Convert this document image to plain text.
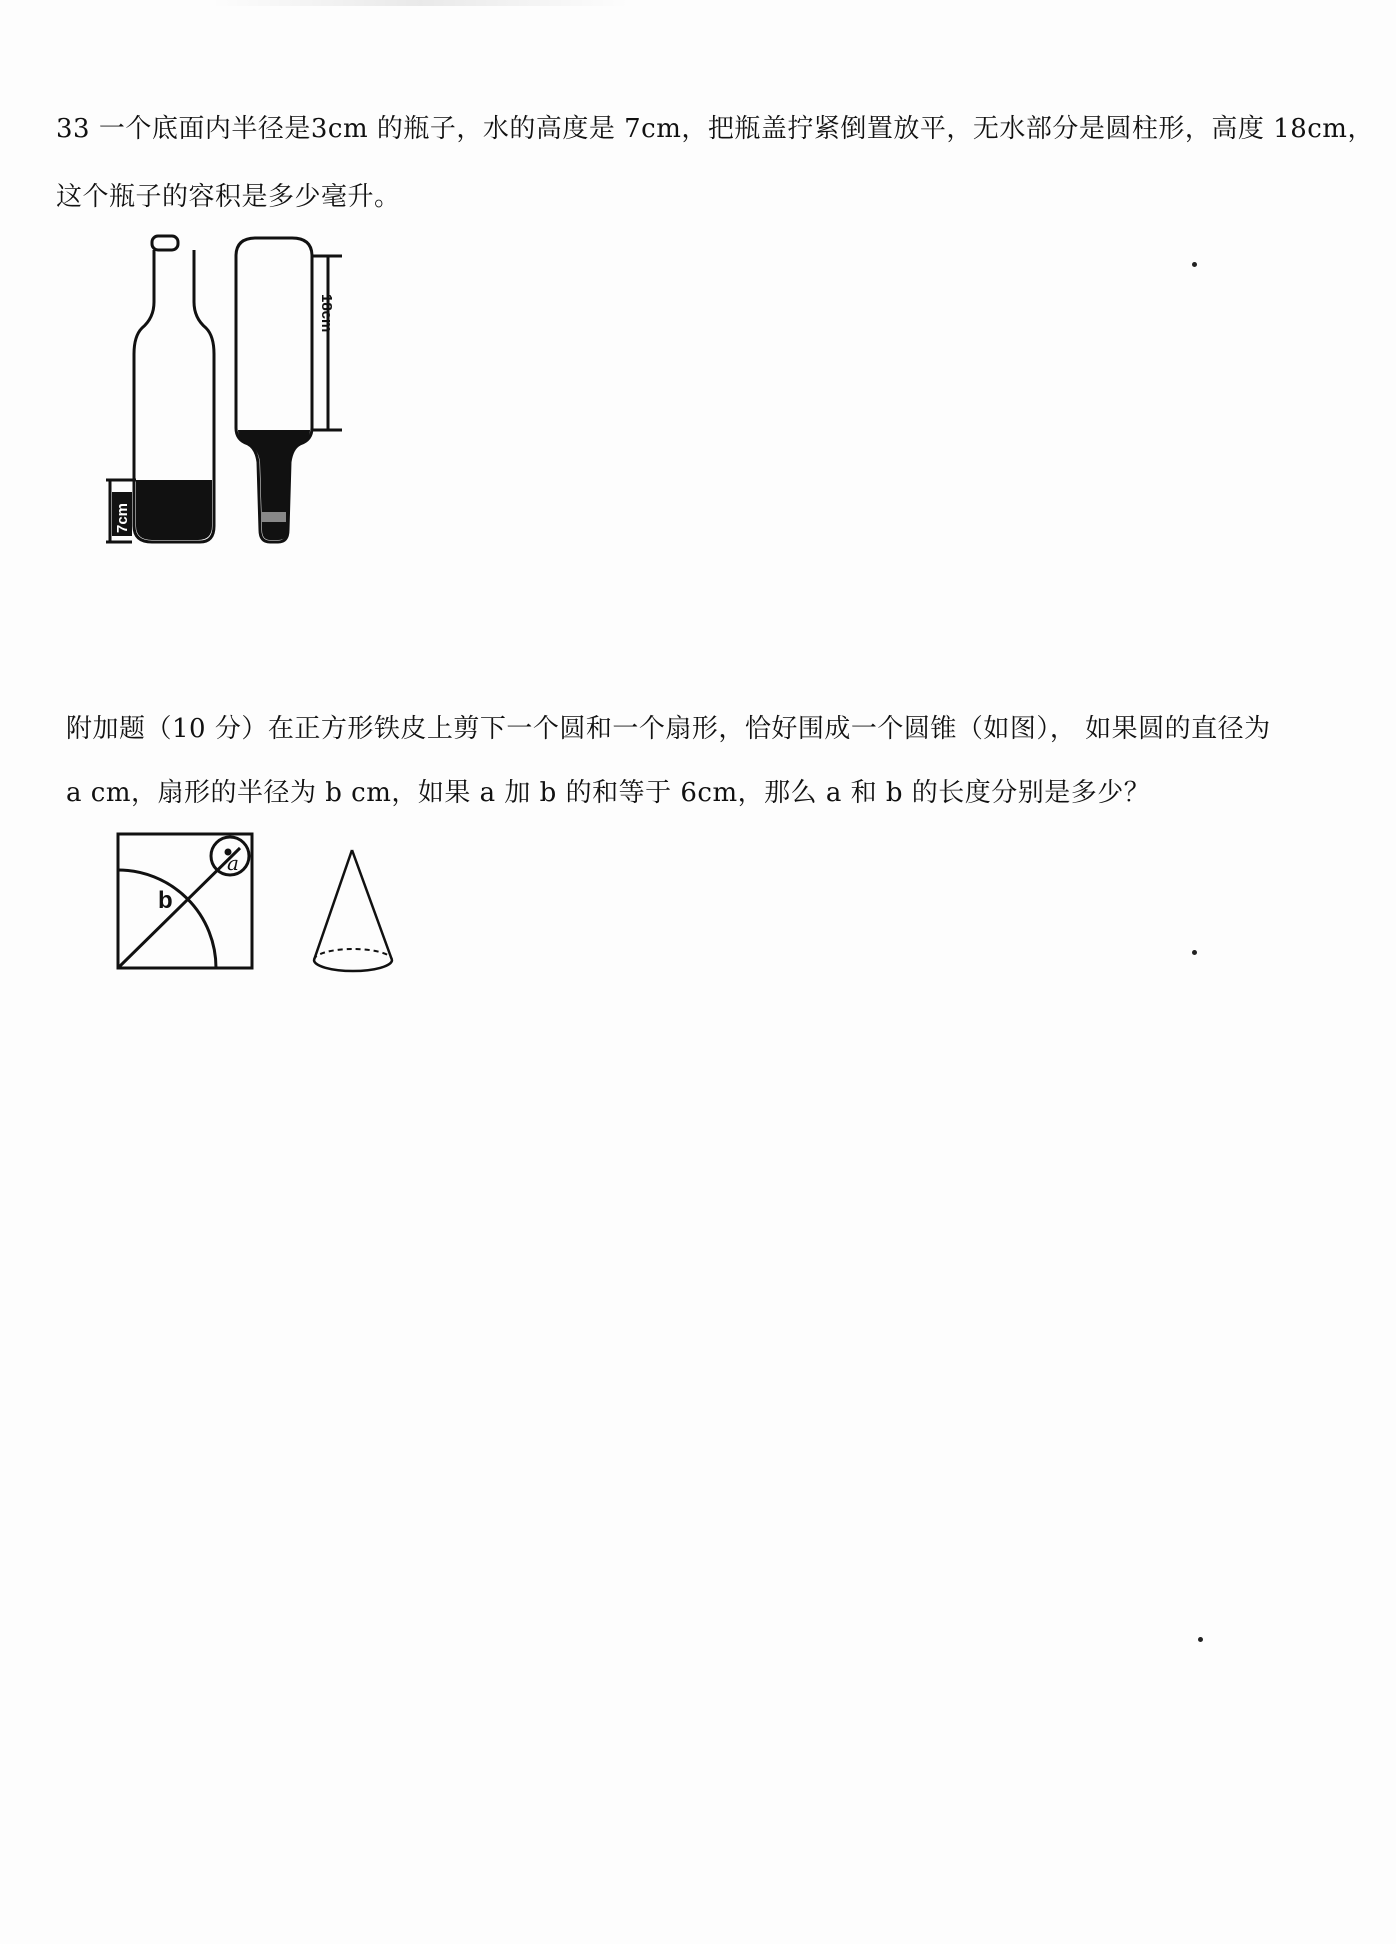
33 一个底面内半径是3cm 的瓶子，水的高度是 7cm，把瓶盖拧紧倒置放平，无水部分是圆柱形，高度 18cm，
这个瓶子的容积是多少毫升。
7cm
18cm
附加题（10 分）在正方形铁皮上剪下一个圆和一个扇形，恰好围成一个圆锥（如图）， 如果圆的直径为
a cm，扇形的半径为 b cm，如果 a 加 b 的和等于 6cm，那么 a 和 b 的长度分别是多少？
a
b
